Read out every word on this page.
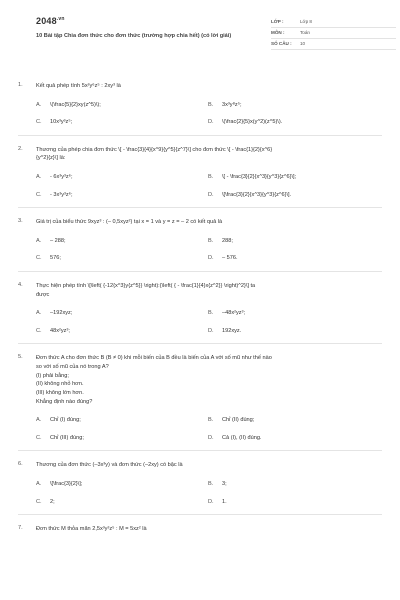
$2048^{.vn}$
10 Bài tập Chia đơn thức cho đơn thức (trường hợp chia hết) (có lời giải)
LỚP :	Lớp 8
MÔN :	Toán
SỐ CÂU :	10
1.	Kết quả phép tính 5x²y⁶z⁵ : 2xy³ là
A.	\(\frac{5}{2}xy(z^5)\);	B.	3x³y⁸z⁵;
C.	10x³y³z⁵;	D.	\(\frac{2}{5}x(y^2)(z^5)\).
2.	Thương của phép chia đơn thức \[ - \frac{3}{4}{x^9}{y^5}{z^7}\] cho đơn thức \[ - \frac{1}{2}{x^6}
{y^2}{z}\] là:
A.	- 6x³y³z⁶;	B.	\[ - \frac{3}{2}{x^3}{y^3}{z^6}\];
C.	- 3x³y³z⁶;	D.	\[\frac{3}{2}{x^3}{y^3}{z^6}\].
3.	Giá trị của biểu thức 9xyz³ : (– 0,5xyz²) tại x = 1 và y = z = – 2 có kết quả là
A.	– 288;	B.	288;
C.	576;	D.	– 576.
4.	Thực hiện phép tính \[\left( {-12{x^3}y{z^5}} \right):{\left( { - \frac{1}{4}x{z^2}} \right)^2}\] ta
được
A.	–192xyz;	B.	–48x²yz³;
C.	48x²yz³;	D.	192xyz.
5.	Đơn thức A cho đơn thức B (B ≠ 0) khi mỗi biến của B đều là biến của A với số mũ như thế nào
so với số mũ của nó trong A?
(I) phải bằng;
(II) không nhỏ hơn.
(III) không lớn hơn.
Khẳng định nào đúng?
A.	Chỉ (I) đúng;	B.	Chỉ (II) đúng;
C.	Chỉ (III) đúng;	D.	Cả (I), (II) đúng.
6.	Thương của đơn thức (–3x³y) và đơn thức (–2xy) có bậc là
A.	\[\frac{3}{2}\];	B.	3;
C.	2;	D.	1.
7.	Đơn thức M thỏa mãn 2,5x³y²z⁵ : M = 5xz² là
